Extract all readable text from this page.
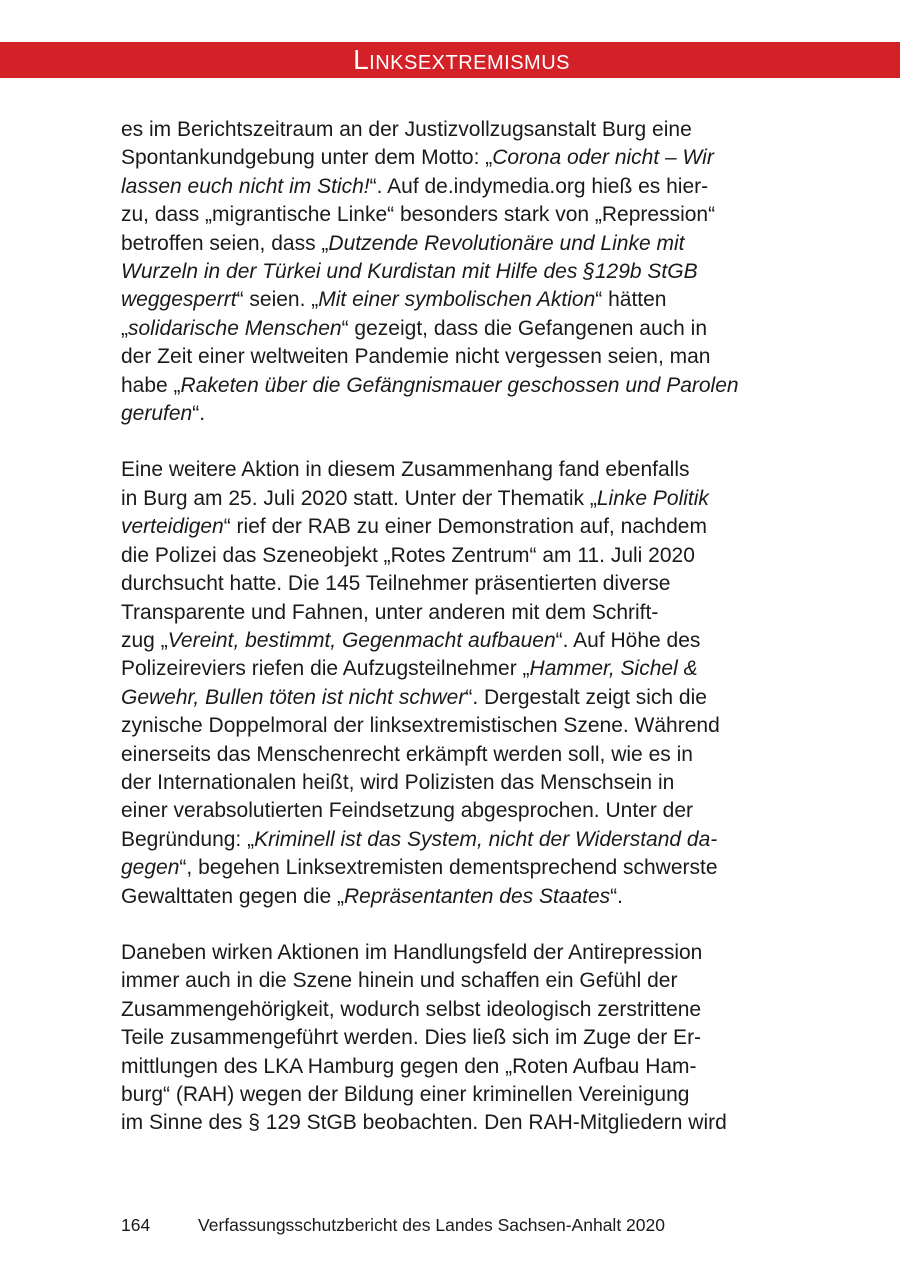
Linksextremismus

es im Berichtszeitraum an der Justizvollzugsanstalt Burg eine
Spontankundgebung unter dem Motto: „Corona oder nicht – Wir
lassen euch nicht im Stich!“. Auf de.indymedia.org hieß es hier-
zu, dass „migrantische Linke“ besonders stark von „Repression“
betroffen seien, dass „Dutzende Revolutionäre und Linke mit
Wurzeln in der Türkei und Kurdistan mit Hilfe des §129b StGB
weggesperrt“ seien. „Mit einer symbolischen Aktion“ hätten
„solidarische Menschen“ gezeigt, dass die Gefangenen auch in
der Zeit einer weltweiten Pandemie nicht vergessen seien, man
habe „Raketen über die Gefängnismauer geschossen und Parolen
gerufen“.

Eine weitere Aktion in diesem Zusammenhang fand ebenfalls
in Burg am 25. Juli 2020 statt. Unter der Thematik „Linke Politik
verteidigen“ rief der RAB zu einer Demonstration auf, nachdem
die Polizei das Szeneobjekt „Rotes Zentrum“ am 11. Juli 2020
durchsucht hatte. Die 145 Teilnehmer präsentierten diverse
Transparente und Fahnen, unter anderen mit dem Schrift-
zug „Vereint, bestimmt, Gegenmacht aufbauen“. Auf Höhe des
Polizeireviers riefen die Aufzugsteilnehmer „Hammer, Sichel &
Gewehr, Bullen töten ist nicht schwer“. Dergestalt zeigt sich die
zynische Doppelmoral der linksextremistischen Szene. Während
einerseits das Menschenrecht erkämpft werden soll, wie es in
der Internationalen heißt, wird Polizisten das Menschsein in
einer verabsolutierten Feindsetzung abgesprochen. Unter der
Begründung: „Kriminell ist das System, nicht der Widerstand da-
gegen“, begehen Linksextremisten dementsprechend schwerste
Gewalttaten gegen die „Repräsentanten des Staates“.

Daneben wirken Aktionen im Handlungsfeld der Antirepression
immer auch in die Szene hinein und schaffen ein Gefühl der
Zusammengehörigkeit, wodurch selbst ideologisch zerstrittene
Teile zusammengeführt werden. Dies ließ sich im Zuge der Er-
mittlungen des LKA Hamburg gegen den „Roten Aufbau Ham-
burg“ (RAH) wegen der Bildung einer kriminellen Vereinigung
im Sinne des § 129 StGB beobachten. Den RAH-Mitgliedern wird

164	Verfassungsschutzbericht des Landes Sachsen-Anhalt 2020
